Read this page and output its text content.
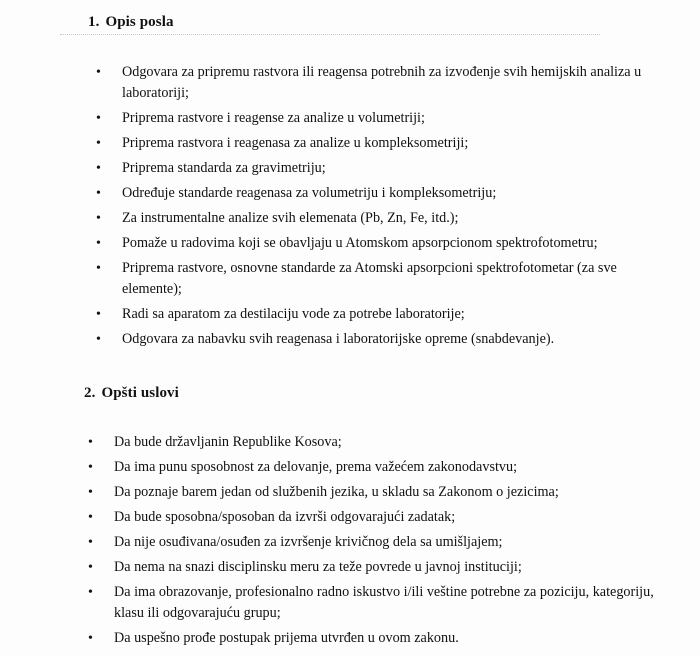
1. Opis posla
• Odgovara za pripremu rastvora ili reagensa potrebnih za izvođenje svih hemijskih analiza u laboratoriji;
• Priprema rastvore i reagense za analize u volumetriji;
• Priprema rastvora i reagenasa za analize u kompleksometriji;
• Priprema standarda za gravimetriju;
• Određuje standarde reagenasa za volumetriju i kompleksometriju;
• Za instrumentalne analize svih elemenata (Pb, Zn, Fe, itd.);
• Pomaže u radovima koji se obavljaju u Atomskom apsorpcionom spektrofotometru;
• Priprema rastvore, osnovne standarde za Atomski apsorpcioni spektrofotometar (za sve elemente);
• Radi sa aparatom za destilaciju vode za potrebe laboratorije;
• Odgovara za nabavku svih reagenasa i laboratorijske opreme (snabdevanje).
2. Opšti uslovi
• Da bude državljanin Republike Kosova;
• Da ima punu sposobnost za delovanje, prema važećem zakonodavstvu;
• Da poznaje barem jedan od službenih jezika, u skladu sa Zakonom o jezicima;
• Da bude sposobna/sposoban da izvrši odgovarajući zadatak;
• Da nije osuđivana/osuđen za izvršenje krivičnog dela sa umišljajem;
• Da nema na snazi disciplinsku meru za teže povrede u javnoj instituciji;
• Da ima obrazovanje, profesionalno radno iskustvo i/ili veštine potrebne za poziciju, kategoriju, klasu ili odgovarajuću grupu;
• Da uspešno prođe postupak prijema utvrđen u ovom zakonu.
